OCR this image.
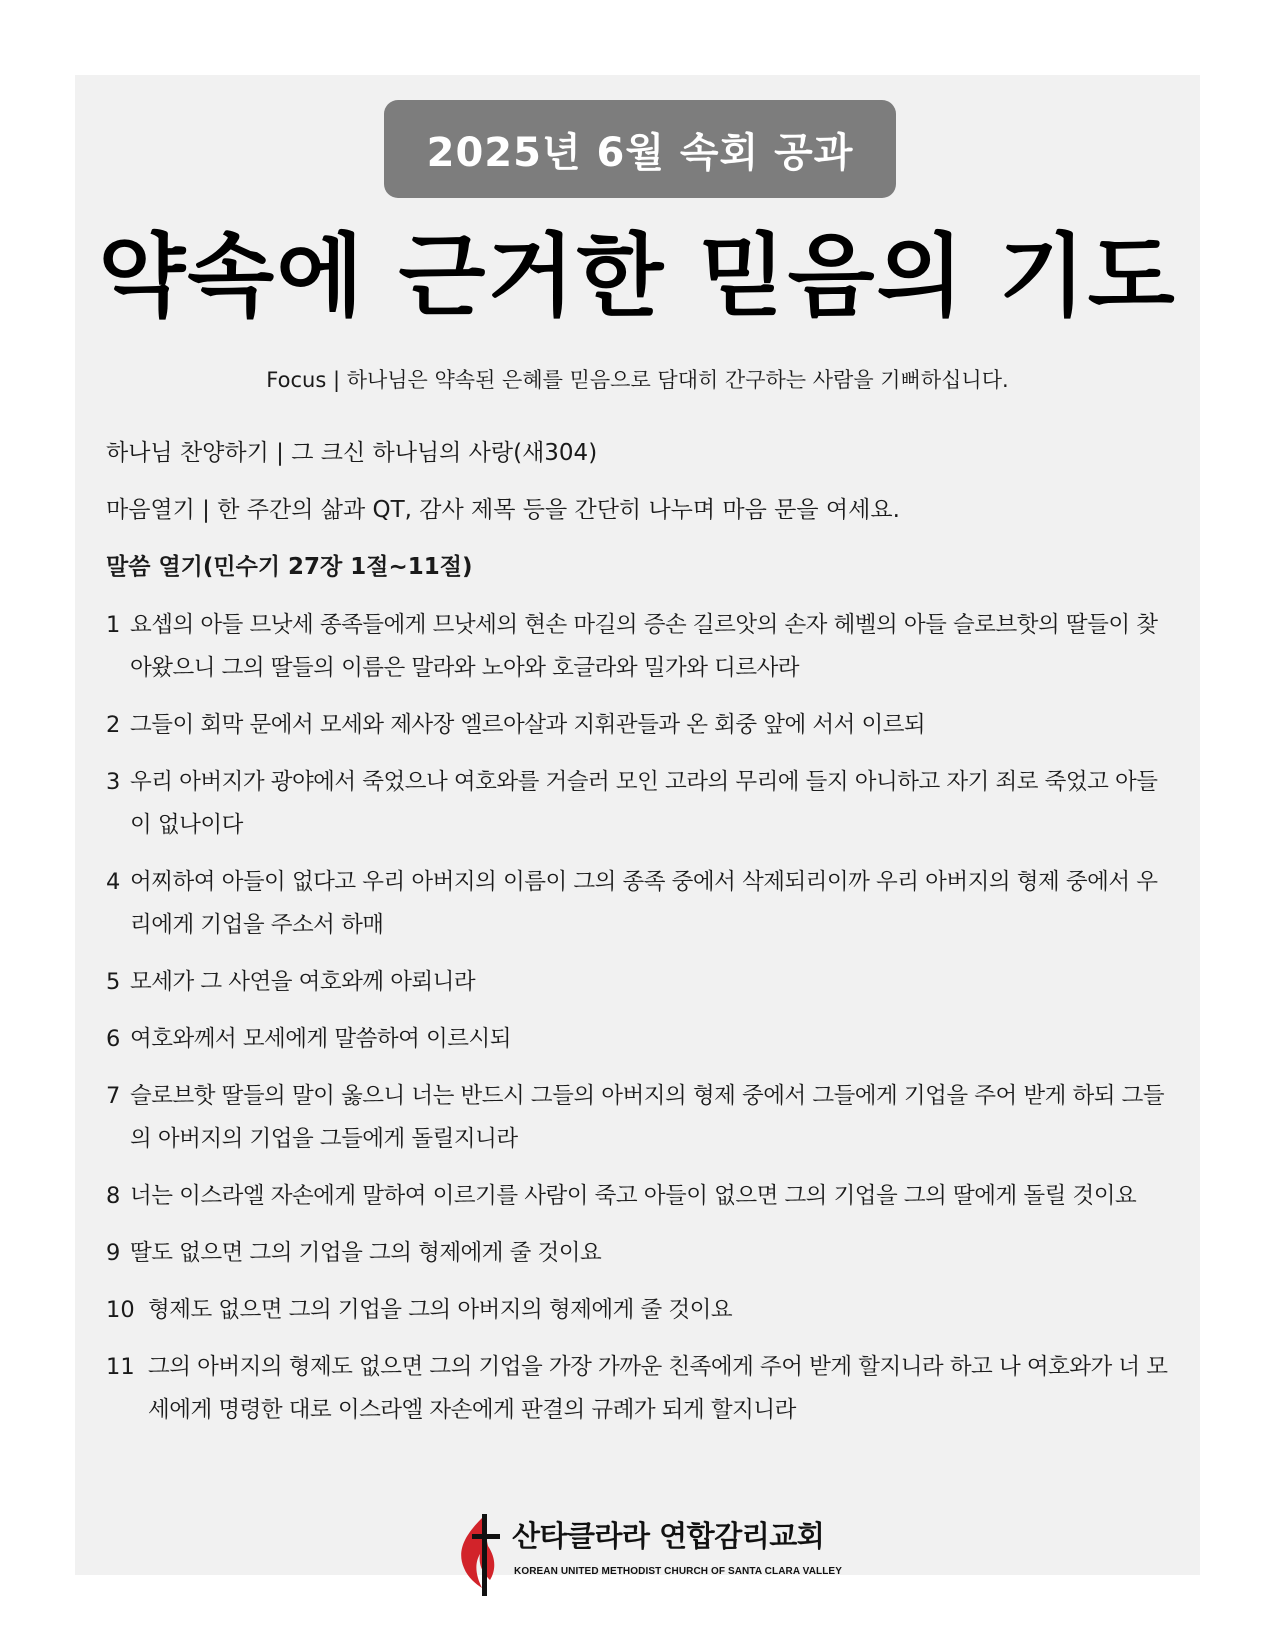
2025년 6월 속회 공과
약속에 근거한 믿음의 기도
Focus | 하나님은 약속된 은혜를 믿음으로 담대히 간구하는 사람을 기뻐하십니다.
하나님 찬양하기 | 그 크신 하나님의 사랑(새304)
마음열기 | 한 주간의 삶과 QT, 감사 제목 등을 간단히 나누며 마음 문을 여세요.
말씀 열기(민수기 27장 1절~11절)
1 요셉의 아들 므낫세 종족들에게 므낫세의 현손 마길의 증손 길르앗의 손자 헤벨의 아들 슬로브핫의 딸들이 찾아왔으니 그의 딸들의 이름은 말라와 노아와 호글라와 밀가와 디르사라
2 그들이 회막 문에서 모세와 제사장 엘르아살과 지휘관들과 온 회중 앞에 서서 이르되
3 우리 아버지가 광야에서 죽었으나 여호와를 거슬러 모인 고라의 무리에 들지 아니하고 자기 죄로 죽었고 아들이 없나이다
4 어찌하여 아들이 없다고 우리 아버지의 이름이 그의 종족 중에서 삭제되리이까 우리 아버지의 형제 중에서 우리에게 기업을 주소서 하매
5 모세가 그 사연을 여호와께 아뢰니라
6 여호와께서 모세에게 말씀하여 이르시되
7 슬로브핫 딸들의 말이 옳으니 너는 반드시 그들의 아버지의 형제 중에서 그들에게 기업을 주어 받게 하되 그들의 아버지의 기업을 그들에게 돌릴지니라
8 너는 이스라엘 자손에게 말하여 이르기를 사람이 죽고 아들이 없으면 그의 기업을 그의 딸에게 돌릴 것이요
9 딸도 없으면 그의 기업을 그의 형제에게 줄 것이요
10 형제도 없으면 그의 기업을 그의 아버지의 형제에게 줄 것이요
11 그의 아버지의 형제도 없으면 그의 기업을 가장 가까운 친족에게 주어 받게 할지니라 하고 나 여호와가 너 모세에게 명령한 대로 이스라엘 자손에게 판결의 규례가 되게 할지니라
산타클라라 연합감리교회
KOREAN UNITED METHODIST CHURCH OF SANTA CLARA VALLEY
